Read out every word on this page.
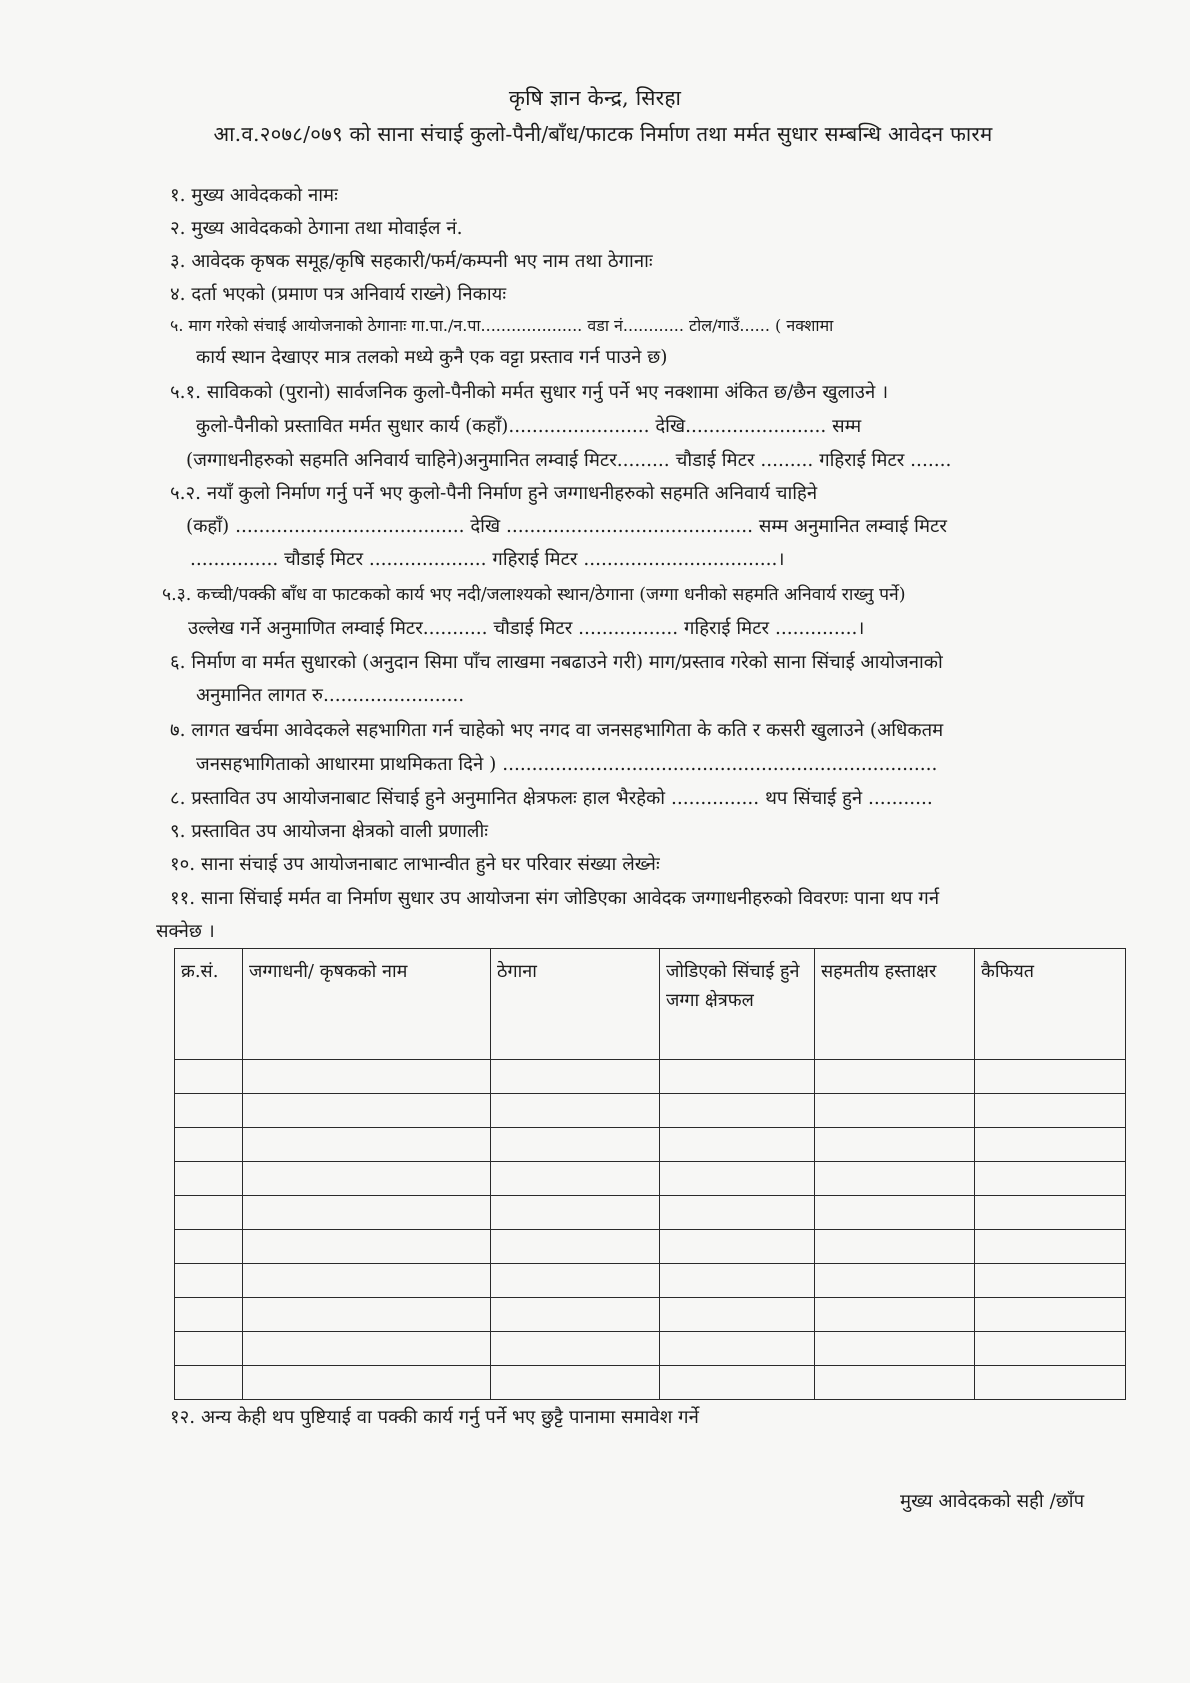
कृषि ज्ञान केन्द्र, सिरहा
आ.व.२०७८/०७९ को साना संचाई कुलो-पैनी/बाँध/फाटक निर्माण तथा मर्मत सुधार सम्बन्धि आवेदन फारम
१. मुख्य आवेदकको नामः
२. मुख्य आवेदकको ठेगाना तथा मोवाईल नं.
३. आवेदक कृषक समूह/कृषि सहकारी/फर्म/कम्पनी भए नाम तथा ठेगानाः
४. दर्ता भएको (प्रमाण पत्र अनिवार्य राख्ने) निकायः
५. माग गरेको संचाई आयोजनाको ठेगानाः गा.पा./न.पा.................... वडा नं............ टोल/गाउँ...... ( नक्शामा
कार्य स्थान देखाएर मात्र तलको मध्ये कुनै एक वट्टा प्रस्ताव गर्न पाउने छ)
५.१. साविकको (पुरानो) सार्वजनिक कुलो-पैनीको मर्मत सुधार गर्नु पर्ने भए नक्शामा अंकित छ/छैन खुलाउने ।
कुलो-पैनीको प्रस्तावित मर्मत सुधार कार्य (कहाँ)........................ देखि........................ सम्म
(जग्गाधनीहरुको सहमति अनिवार्य चाहिने)अनुमानित लम्वाई मिटर......... चौडाई मिटर ......... गहिराई मिटर .......
५.२. नयाँ कुलो निर्माण गर्नु पर्ने भए कुलो-पैनी निर्माण हुने जग्गाधनीहरुको सहमति अनिवार्य चाहिने
(कहाँ) ....................................... देखि .......................................... सम्म अनुमानित लम्वाई मिटर
............... चौडाई मिटर .................... गहिराई मिटर .................................।
५.३. कच्ची/पक्की बाँध वा फाटकको कार्य भए नदी/जलाश्यको स्थान/ठेगाना (जग्गा धनीको सहमति अनिवार्य राख्नु पर्ने)
उल्लेख गर्ने अनुमाणित लम्वाई मिटर........... चौडाई मिटर ................. गहिराई मिटर ..............।
६. निर्माण वा मर्मत सुधारको (अनुदान सिमा पाँच लाखमा नबढाउने गरी) माग/प्रस्ताव गरेको साना सिंचाई आयोजनाको
अनुमानित लागत रु........................
७. लागत खर्चमा आवेदकले सहभागिता गर्न चाहेको भए नगद वा जनसहभागिता के कति र कसरी खुलाउने (अधिकतम
जनसहभागिताको आधारमा प्राथमिकता दिने ) ..........................................................................
८. प्रस्तावित उप आयोजनाबाट सिंचाई हुने अनुमानित क्षेत्रफलः हाल भैरहेको ............... थप सिंचाई हुने ...........
९. प्रस्तावित उप आयोजना क्षेत्रको वाली प्रणालीः
१०. साना संचाई उप आयोजनाबाट लाभान्वीत हुने घर परिवार संख्या लेख्नेः
११. साना सिंचाई मर्मत वा निर्माण सुधार उप आयोजना संग जोडिएका आवेदक जग्गाधनीहरुको विवरणः पाना थप गर्न
सक्नेछ ।
क्र.सं.	जग्गाधनी/ कृषकको नाम	ठेगाना	जोडिएको सिंचाई हुने जग्गा क्षेत्रफल	सहमतीय हस्ताक्षर	कैफियत

१२. अन्य केही थप पुष्टियाई वा पक्की कार्य गर्नु पर्ने भए छुट्टै पानामा समावेश गर्ने
मुख्य आवेदकको सही /छाँप
